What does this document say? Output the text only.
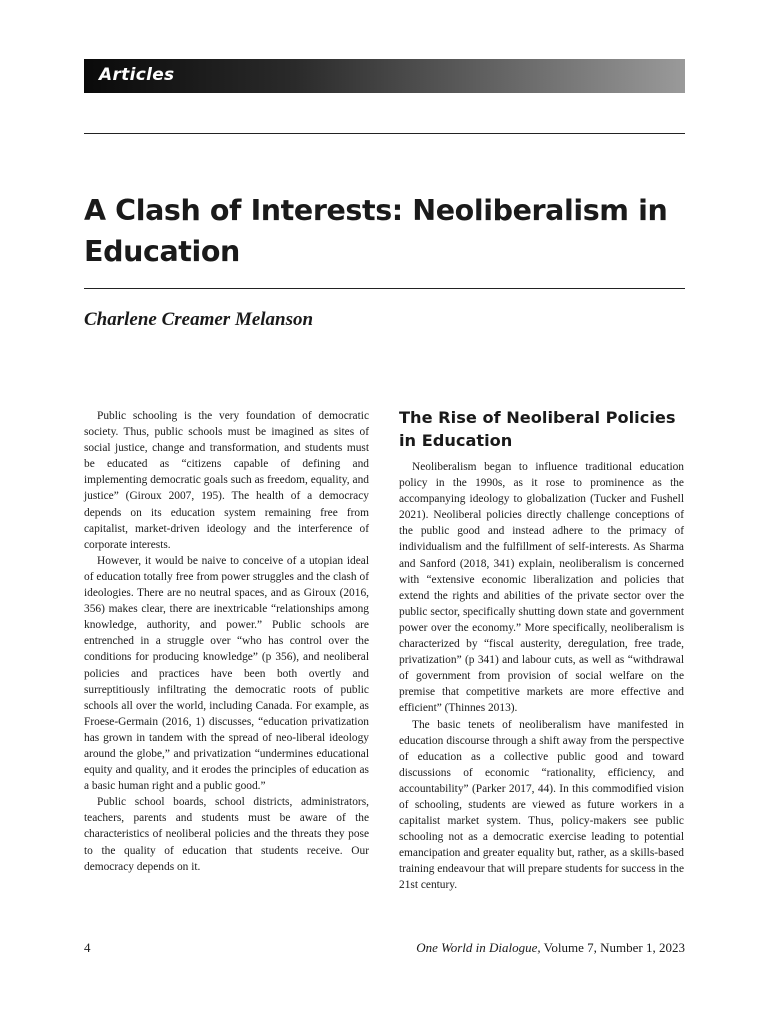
Articles
A Clash of Interests: Neoliberalism in Education

Charlene Creamer Melanson

Public schooling is the very foundation of democratic society. Thus, public schools must be imagined as sites of social justice, change and transformation, and students must be educated as “citizens capable of defining and implementing democratic goals such as freedom, equality, and justice” (Giroux 2007, 195). The health of a democracy depends on its education system remaining free from capitalist, market-driven ideology and the interference of corporate interests.

However, it would be naive to conceive of a utopian ideal of education totally free from power struggles and the clash of ideologies. There are no neutral spaces, and as Giroux (2016, 356) makes clear, there are inextricable “relationships among knowledge, authority, and power.” Public schools are entrenched in a struggle over “who has control over the conditions for producing knowledge” (p 356), and neoliberal policies and practices have been both overtly and surreptitiously infiltrating the democratic roots of public schools all over the world, including Canada. For example, as Froese-Germain (2016, 1) discusses, “education privatization has grown in tandem with the spread of neo-liberal ideology around the globe,” and privatization “undermines educational equity and quality, and it erodes the principles of education as a basic human right and a public good.”

Public school boards, school districts, administrators, teachers, parents and students must be aware of the characteristics of neoliberal policies and the threats they pose to the quality of education that students receive. Our democracy depends on it.

The Rise of Neoliberal Policies in Education

Neoliberalism began to influence traditional education policy in the 1990s, as it rose to prominence as the accompanying ideology to globalization (Tucker and Fushell 2021). Neoliberal policies directly challenge conceptions of the public good and instead adhere to the primacy of individualism and the fulfillment of self-interests. As Sharma and Sanford (2018, 341) explain, neoliberalism is concerned with “extensive economic liberalization and policies that extend the rights and abilities of the private sector over the public sector, specifically shutting down state and government power over the economy.” More specifically, neoliberalism is characterized by “fiscal austerity, deregulation, free trade, privatization” (p 341) and labour cuts, as well as “withdrawal of government from provision of social welfare on the premise that competitive markets are more effective and efficient” (Thinnes 2013).

The basic tenets of neoliberalism have manifested in education discourse through a shift away from the perspective of education as a collective public good and toward discussions of economic “rationality, efficiency, and accountability” (Parker 2017, 44). In this commodified vision of schooling, students are viewed as future workers in a capitalist market system. Thus, policy-makers see public schooling not as a democratic exercise leading to potential emancipation and greater equality but, rather, as a skills-based training endeavour that will prepare students for success in the 21st century.

4	One World in Dialogue, Volume 7, Number 1, 2023
